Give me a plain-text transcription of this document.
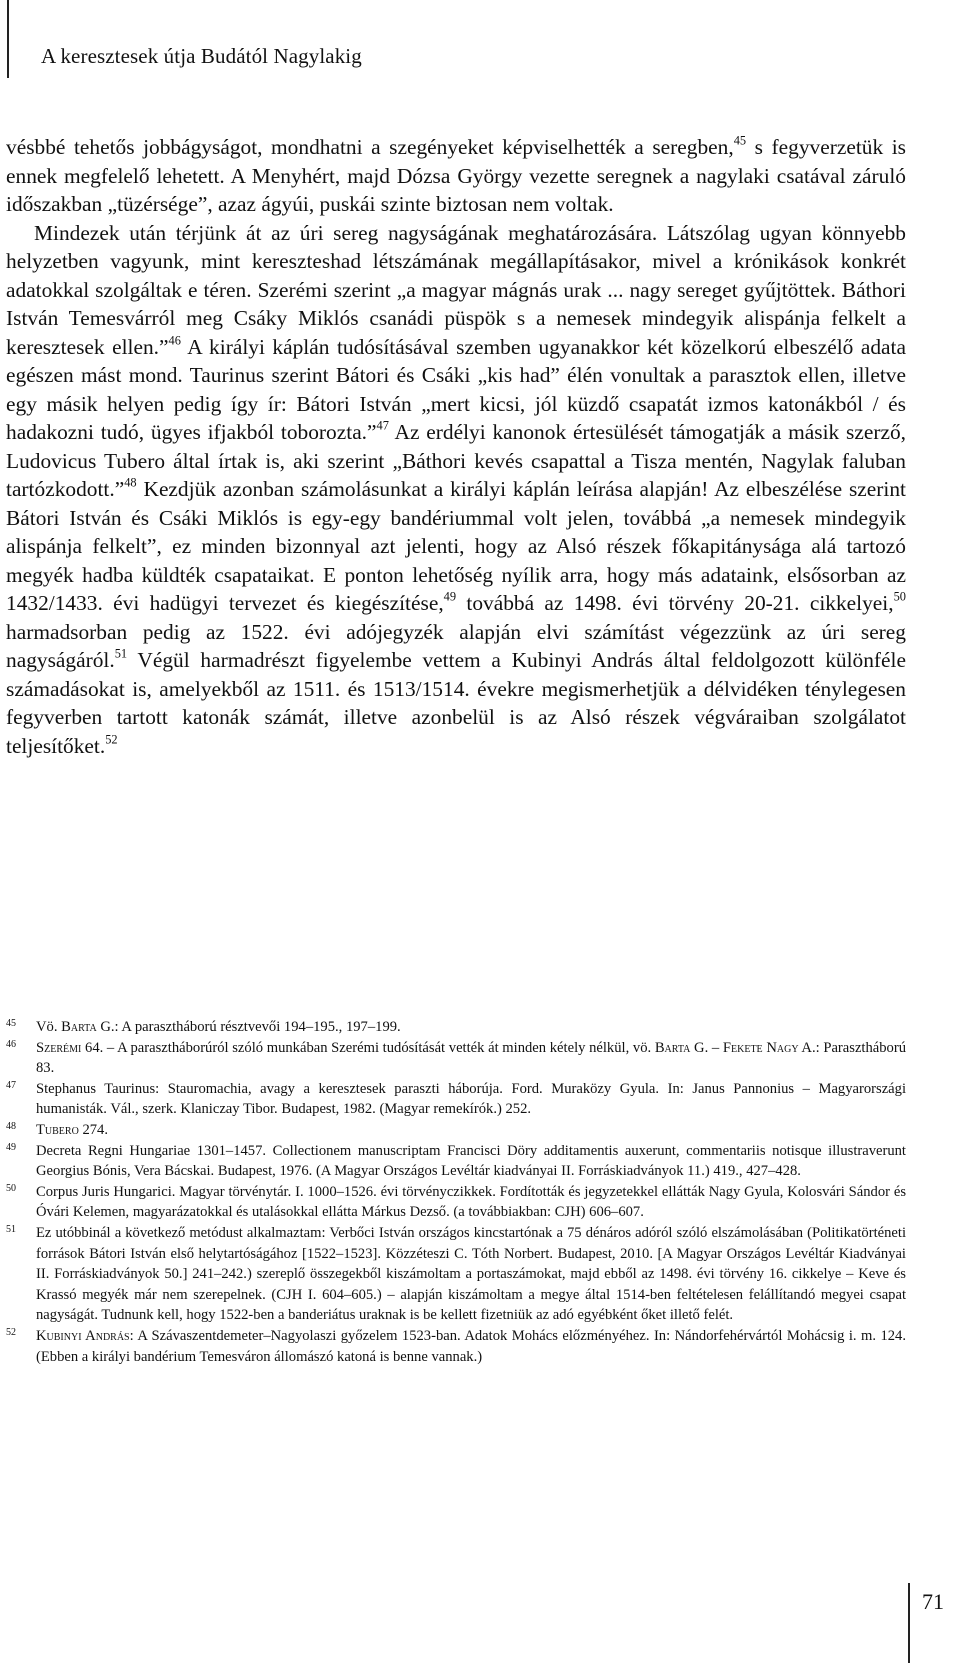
A keresztesek útja Budától Nagylakig

vésbbé tehetős jobbágyságot, mondhatni a szegényeket képviselhették a seregben,$^{45}$ s fegyverzetük is ennek megfelelő lehetett. A Menyhért, majd Dózsa György vezette seregnek a nagylaki csatával záruló időszakban „tüzérsége”, azaz ágyúi, puskái szinte biztosan nem voltak.

Mindezek után térjünk át az úri sereg nagyságának meghatározására. Látszólag ugyan könnyebb helyzetben vagyunk, mint kereszteshad létszámának megállapításakor, mivel a krónikások konkrét adatokkal szolgáltak e téren. Szerémi szerint „a magyar mágnás urak ... nagy sereget gyűjtöttek. Báthori István Temesvárról meg Csáky Miklós csanádi püspök s a nemesek mindegyik alispánja felkelt a keresztesek ellen.”$^{46}$ A királyi káplán tudósításával szemben ugyanakkor két közelkorú elbeszélő adata egészen mást mond. Taurinus szerint Bátori és Csáki „kis had” élén vonultak a parasztok ellen, illetve egy másik helyen pedig így ír: Bátori István „mert kicsi, jól küzdő csapatát izmos katonákból / és hadakozni tudó, ügyes ifjakból toborozta.”$^{47}$ Az erdélyi kanonok értesülését támogatják a másik szerző, Ludovicus Tubero által írtak is, aki szerint „Báthori kevés csapattal a Tisza mentén, Nagylak faluban tartózkodott.”$^{48}$ Kezdjük azonban számolásunkat a királyi káplán leírása alapján! Az elbeszélése szerint Bátori István és Csáki Miklós is egy-egy bandériummal volt jelen, továbbá „a nemesek mindegyik alispánja felkelt”, ez minden bizonnyal azt jelenti, hogy az Alsó részek főkapitánysága alá tartozó megyék hadba küldték csapataikat. E ponton lehetőség nyílik arra, hogy más adataink, elsősorban az 1432/1433. évi hadügyi tervezet és kiegészítése,$^{49}$ továbbá az 1498. évi törvény 20-21. cikkelyei,$^{50}$ harmadsorban pedig az 1522. évi adójegyzék alapján elvi számítást végezzünk az úri sereg nagyságáról.$^{51}$ Végül harmadrészt figyelembe vettem a Kubinyi András által feldolgozott különféle számadásokat is, amelyekből az 1511. és 1513/1514. évekre megismerhetjük a délvidéken ténylegesen fegyverben tartott katonák számát, illetve azonbelül is az Alsó részek végváraiban szolgálatot teljesítőket.$^{52}$

45 Vö. Barta G.: A parasztháború résztvevői 194–195., 197–199.
46 Szerémi 64. – A parasztháborúról szóló munkában Szerémi tudósítását vették át minden kétely nélkül, vö. Barta G. – Fekete Nagy A.: Parasztháború 83.
47 Stephanus Taurinus: Stauromachia, avagy a keresztesek paraszti háborúja. Ford. Muraközy Gyula. In: Janus Pannonius – Magyarországi humanisták. Vál., szerk. Klaniczay Tibor. Budapest, 1982. (Magyar remekírók.) 252.
48 Tubero 274.
49 Decreta Regni Hungariae 1301–1457. Collectionem manuscriptam Francisci Döry additamentis auxerunt, commentariis notisque illustraverunt Georgius Bónis, Vera Bácskai. Budapest, 1976. (A Magyar Országos Levéltár kiadványai II. Forráskiadványok 11.) 419., 427–428.
50 Corpus Juris Hungarici. Magyar törvénytár. I. 1000–1526. évi törvényczikkek. Fordították és jegyzetekkel ellátták Nagy Gyula, Kolosvári Sándor és Óvári Kelemen, magyarázatokkal és utalásokkal ellátta Márkus Dezső. (a továbbiakban: CJH) 606–607.
51 Ez utóbbinál a következő metódust alkalmaztam: Verbőci István országos kincstartónak a 75 dénáros adóról szóló elszámolásában (Politikatörténeti források Bátori István első helytartóságához [1522–1523]. Közzéteszi C. Tóth Norbert. Budapest, 2010. [A Magyar Országos Levéltár Kiadványai II. Forráskiadványok 50.] 241–242.) szereplő összegekből kiszámoltam a portaszámokat, majd ebből az 1498. évi törvény 16. cikkelye – Keve és Krassó megyék már nem szerepelnek. (CJH I. 604–605.) – alapján kiszámoltam a megye által 1514-ben feltételesen felállítandó megyei csapat nagyságát. Tudnunk kell, hogy 1522-ben a banderiátus uraknak is be kellett fizetniük az adó egyébként őket illető felét.
52 Kubinyi András: A Szávaszentdemeter–Nagyolaszi győzelem 1523-ban. Adatok Mohács előzményéhez. In: Nándorfehérvártól Mohácsig i. m. 124. (Ebben a királyi bandérium Temesváron állomászó katoná is benne vannak.)
71
